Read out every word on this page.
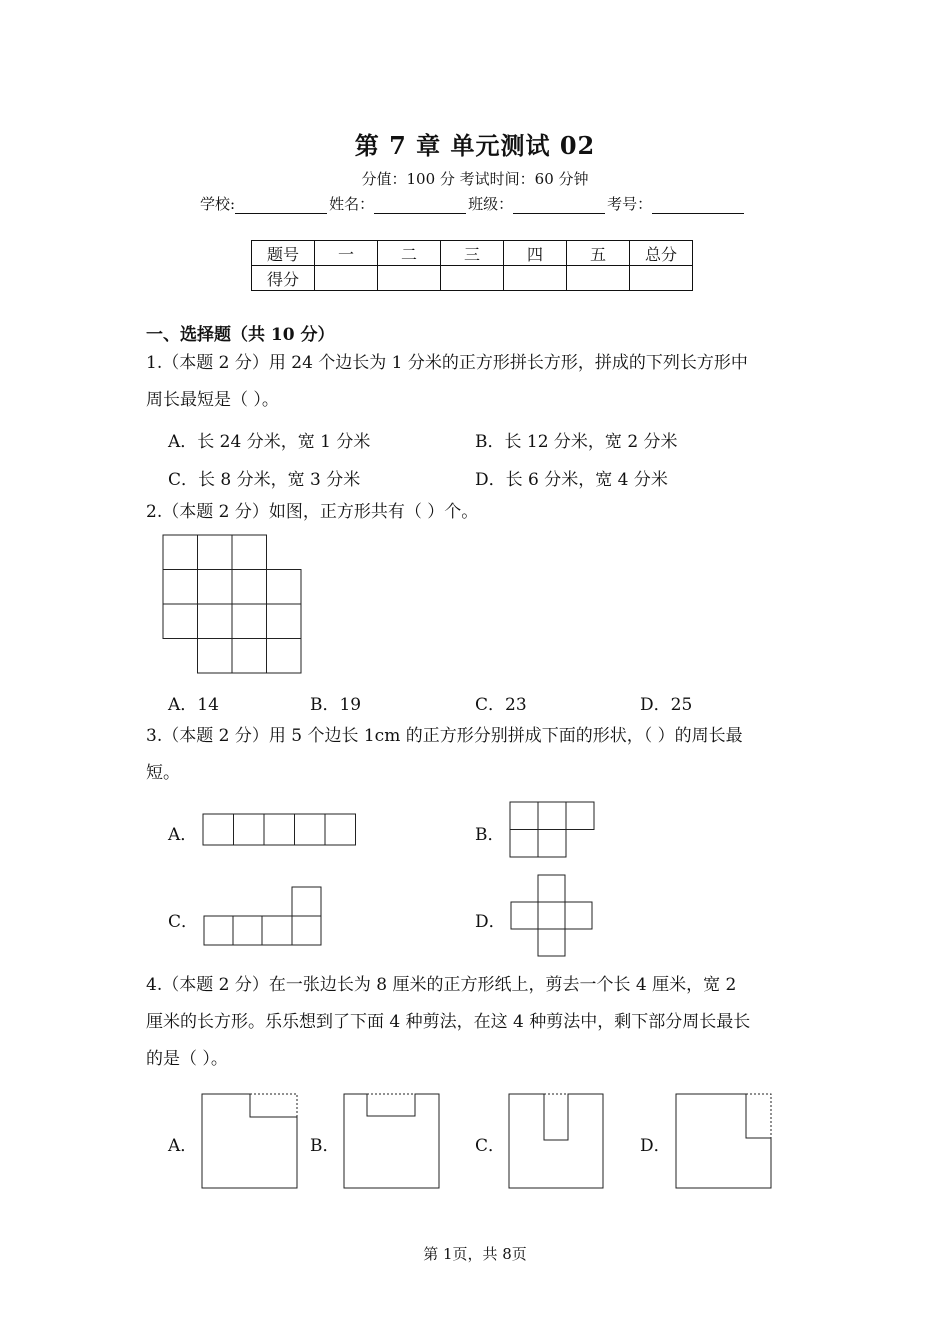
第 7 章 单元测试 02
分值：100 分 考试时间：60 分钟
学校:	姓名：	班级：	考号：
题号	一	二	三	四	五	总分
得分						
一、选择题（共 10 分）
1.（本题 2 分）用 24 个边长为 1 分米的正方形拼长方形，拼成的下列长方形中
周长最短是（ ）。
A．长 24 分米，宽 1 分米	B．长 12 分米，宽 2 分米
C．长 8 分米，宽 3 分米	D．长 6 分米，宽 4 分米
2.（本题 2 分）如图，正方形共有（ ）个。
A．14	B．19	C．23	D．25
3.（本题 2 分）用 5 个边长 1cm 的正方形分别拼成下面的形状，（ ）的周长最
短。
A．	B．
C．	D．
4.（本题 2 分）在一张边长为 8 厘米的正方形纸上，剪去一个长 4 厘米，宽 2
厘米的长方形。乐乐想到了下面 4 种剪法，在这 4 种剪法中，剩下部分周长最长
的是（ ）。
A．	B．	C．	D．
第 1页，共 8页
